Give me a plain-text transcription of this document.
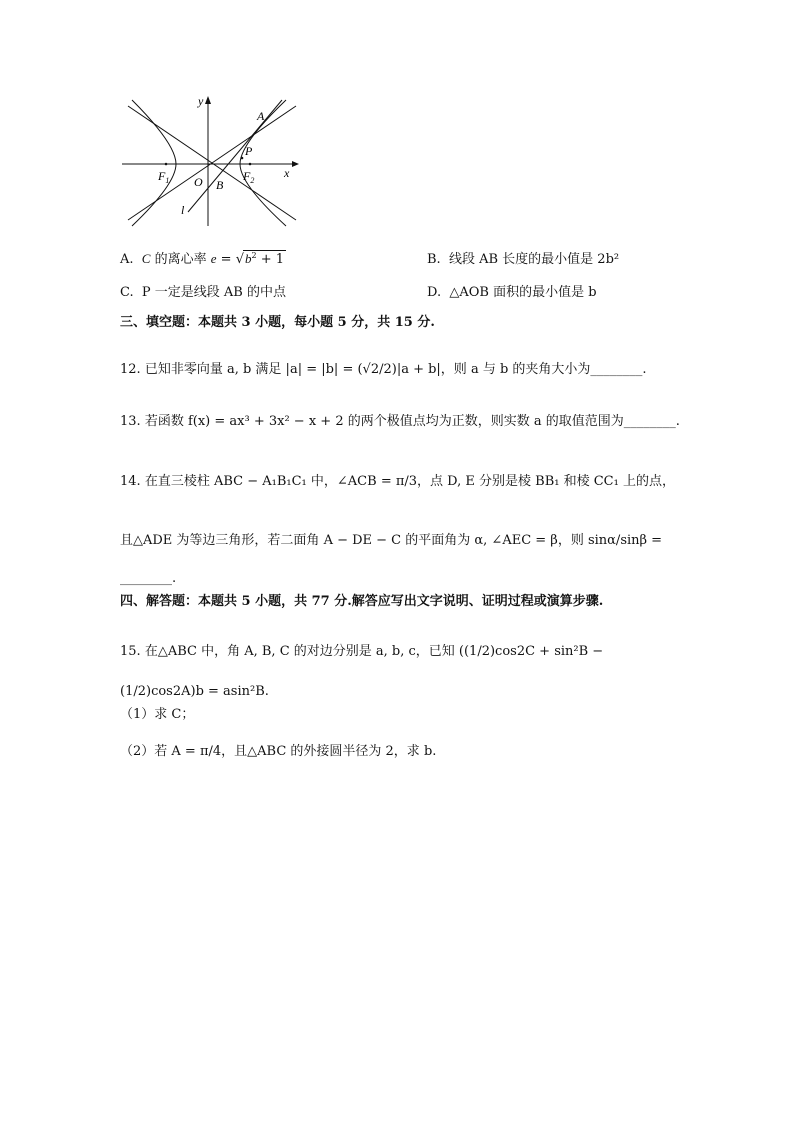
y
x
A
P
$F_1$	$F_2$
O B
l
A. C 的离心率 $e = √b^2 + 1$	B. 线段 AB 长度的最小值是 2b²
C. P 一定是线段 AB 的中点	D. △AOB 面积的最小值是 b
三、填空题：本题共 3 小题，每小题 5 分，共 15 分.
12. 已知非零向量 a, b 满足 |a| = |b| = (√2/2)|a + b|，则 a 与 b 的夹角大小为________.
13. 若函数 f(x) = ax³ + 3x² − x + 2 的两个极值点均为正数，则实数 a 的取值范围为________.
14. 在直三棱柱 ABC − A₁B₁C₁ 中，∠ACB = π/3，点 D, E 分别是棱 BB₁ 和棱 CC₁ 上的点，
且△ADE 为等边三角形，若二面角 A − DE − C 的平面角为 α, ∠AEC = β，则 sinα/sinβ = ________.
四、解答题：本题共 5 小题，共 77 分.解答应写出文字说明、证明过程或演算步骤.
15. 在△ABC 中，角 A, B, C 的对边分别是 a, b, c，已知 ((1/2)cos2C + sin²B − (1/2)cos2A)b = asin²B.
（1）求 C；
（2）若 A = π/4，且△ABC 的外接圆半径为 2，求 b.
